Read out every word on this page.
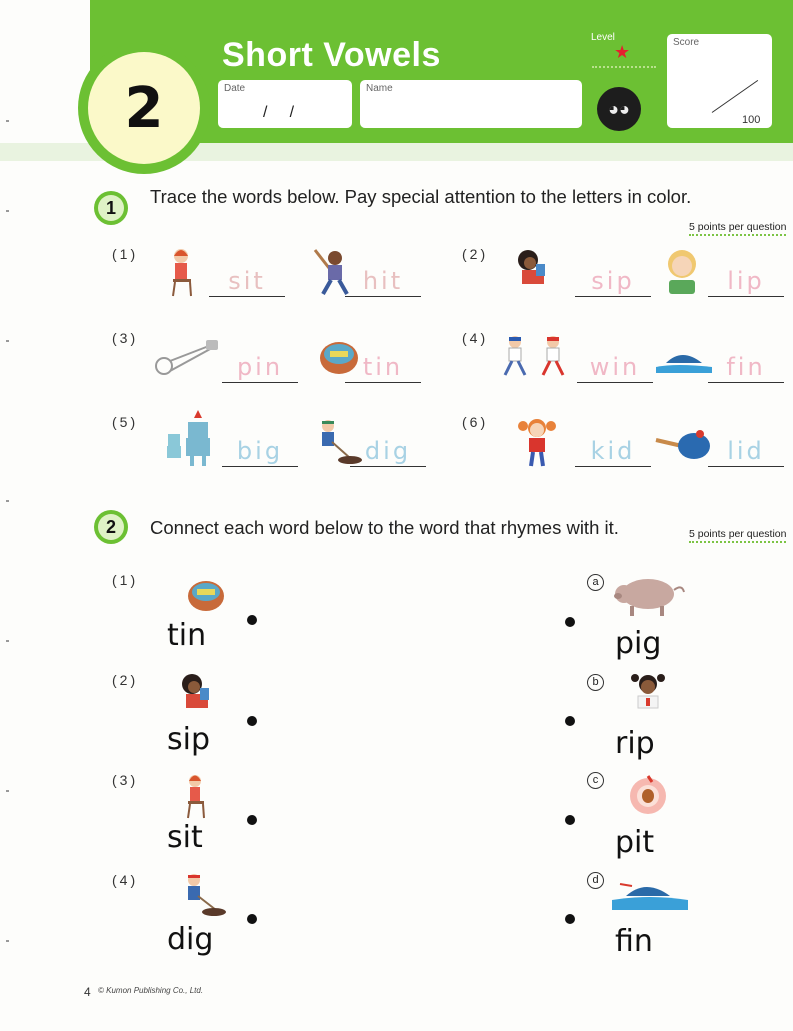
2
Short Vowels
Date
/     /
Name
Level
★
◕◕
Score
100
1
Trace the words below. Pay special attention to the letters in color.
5 points per question
(1)
sit	hit
(2)
sip	lip
(3)
pin	tin
(4)
win	fin
(5)
big	dig
(6)
kid	lid
2	Connect each word below to the word that rhymes with it.	5 points per question
(1)
tin
(2)
sip
(3)
sit
(4)
dig
a
pig
b
rip
c
pit
d
fin
4 © Kumon Publishing Co., Ltd.
